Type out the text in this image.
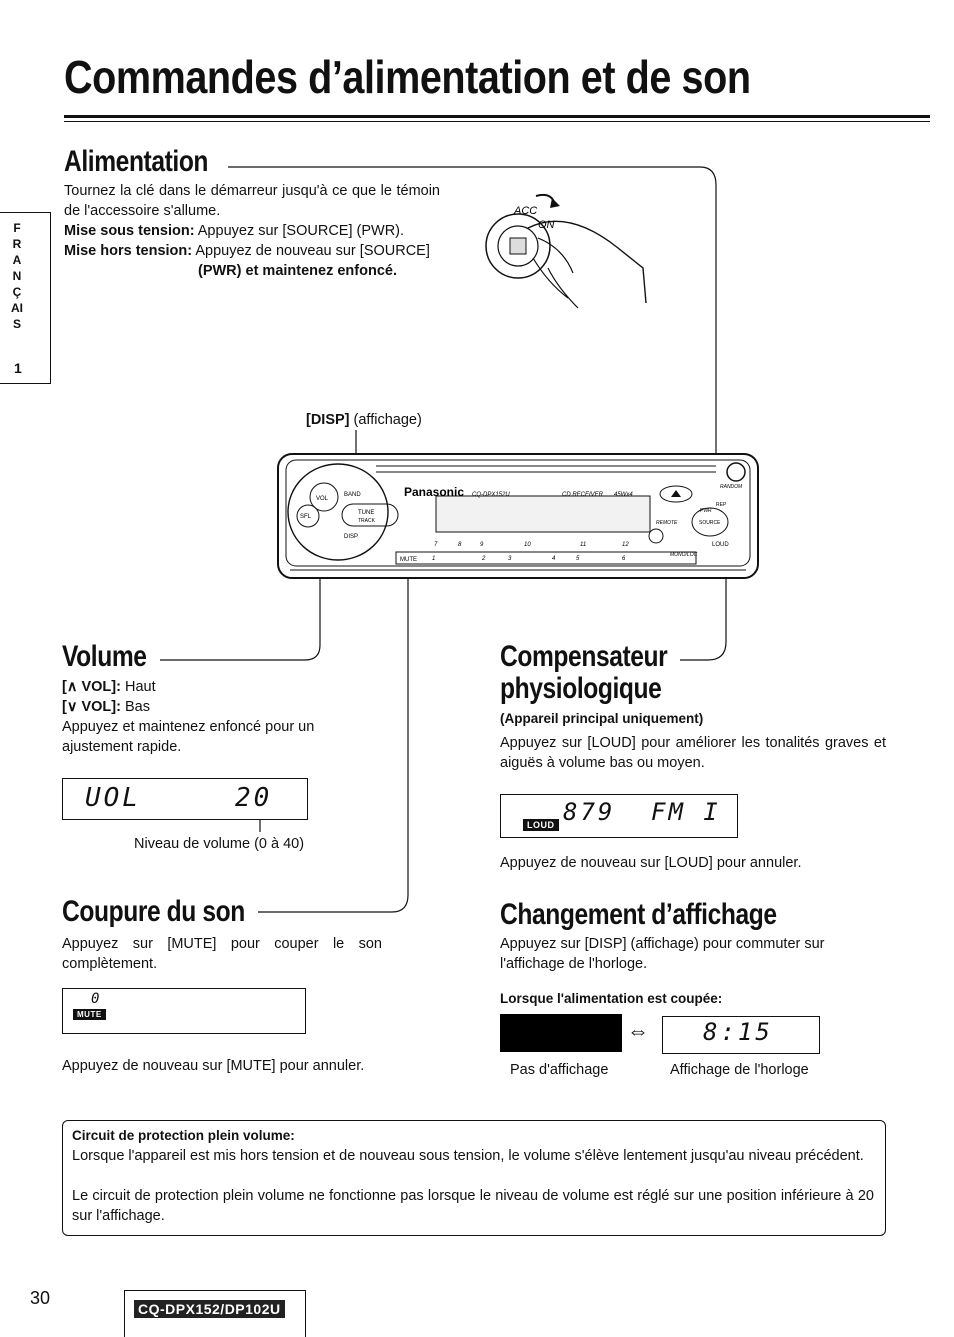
Commandes d’alimentation et de son
FRANÇAIS
1
Alimentation
Tournez la clé dans le démarreur jusqu'à ce que le témoin de l'accessoire s'allume.
Mise sous tension: Appuyez sur [SOURCE] (PWR).
Mise hors tension: Appuyez de nouveau sur [SOURCE]
(PWR) et maintenez enfoncé.
ACC
ON
[DISP] (affichage)
Panasonic CQ-DPX152U	CD RECEIVER 45Wx4
VOL
BAND
TUNE
TRACK
SFL
DISP
MUTE
SOURCE
LOUD
REP
RANDOM
MONO/LOC
REMOTE
PWR
7	8	9	10	11	12
1	2	3	4	5	6
Volume
[∧ VOL]: Haut
[∨ VOL]: Bas
Appuyez et maintenez enfoncé pour un ajustement rapide.
UOL	20
Niveau de volume (0 à 40)
Coupure du son
Appuyez sur [MUTE] pour couper le son complètement.
0
MUTE
Appuyez de nouveau sur [MUTE] pour annuler.
Compensateur
physiologique
(Appareil principal uniquement)
Appuyez sur [LOUD] pour améliorer les tonalités graves et aiguës à volume bas ou moyen.
879 FM I
LOUD
Appuyez de nouveau sur [LOUD] pour annuler.
Changement d’affichage
Appuyez sur [DISP] (affichage) pour commuter sur l'affichage de l'horloge.
Lorsque l'alimentation est coupée:
⇔ 8:15
Pas d'affichage	Affichage de l'horloge
Circuit de protection plein volume:
Lorsque l'appareil est mis hors tension et de nouveau sous tension, le volume s'élève lentement jusqu'au niveau précédent.
Le circuit de protection plein volume ne fonctionne pas lorsque le niveau de volume est réglé sur une position inférieure à 20 sur l'affichage.
30
CQ-DPX152/DP102U
